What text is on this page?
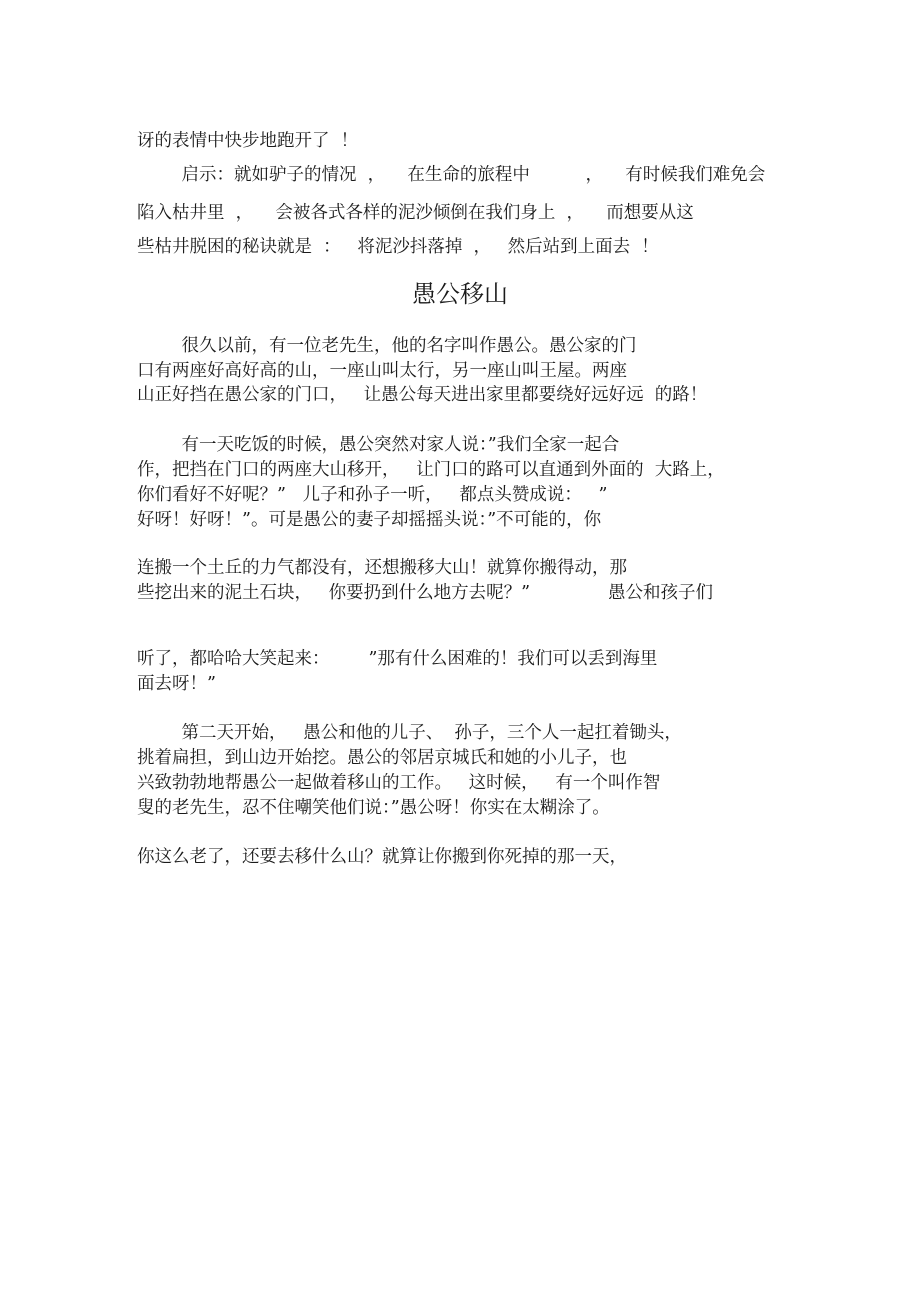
讶的表情中快步地跑开了  ！

启示：就如驴子的情况  ，    在生命的旅程中          ，    有时候我们难免会

陷入枯井里  ，    会被各式各样的泥沙倾倒在我们身上  ，    而想要从这

些枯井脱困的秘诀就是  ：   将泥沙抖落掉  ，   然后站到上面去  ！

愚公移山

很久以前，有一位老先生，他的名字叫作愚公。愚公家的门

口有两座好高好高的山，一座山叫太行，另一座山叫王屋。两座

山正好挡在愚公家的门口，   让愚公每天进出家里都要绕好远好远  的路！

有一天吃饭的时候，愚公突然对家人说：”我们全家一起合

作，把挡在门口的两座大山移开，   让门口的路可以直通到外面的  大路上，

你们看好不好呢？”   儿子和孙子一听，   都点头赞成说：   ”

好呀！好呀！”。可是愚公的妻子却摇摇头说：”不可能的，你

连搬一个土丘的力气都没有，还想搬移大山！就算你搬得动，那

些挖出来的泥土石块，   你要扔到什么地方去呢？”              愚公和孩子们

听了，都哈哈大笑起来：       ”那有什么困难的！我们可以丢到海里

面去呀！”

第二天开始，   愚公和他的儿子、  孙子，三个人一起扛着锄头，

挑着扁担，到山边开始挖。愚公的邻居京城氏和她的小儿子，也

兴致勃勃地帮愚公一起做着移山的工作。   这时候，   有一个叫作智

叟的老先生，忍不住嘲笑他们说：”愚公呀！你实在太糊涂了。

你这么老了，还要去移什么山？就算让你搬到你死掉的那一天，
